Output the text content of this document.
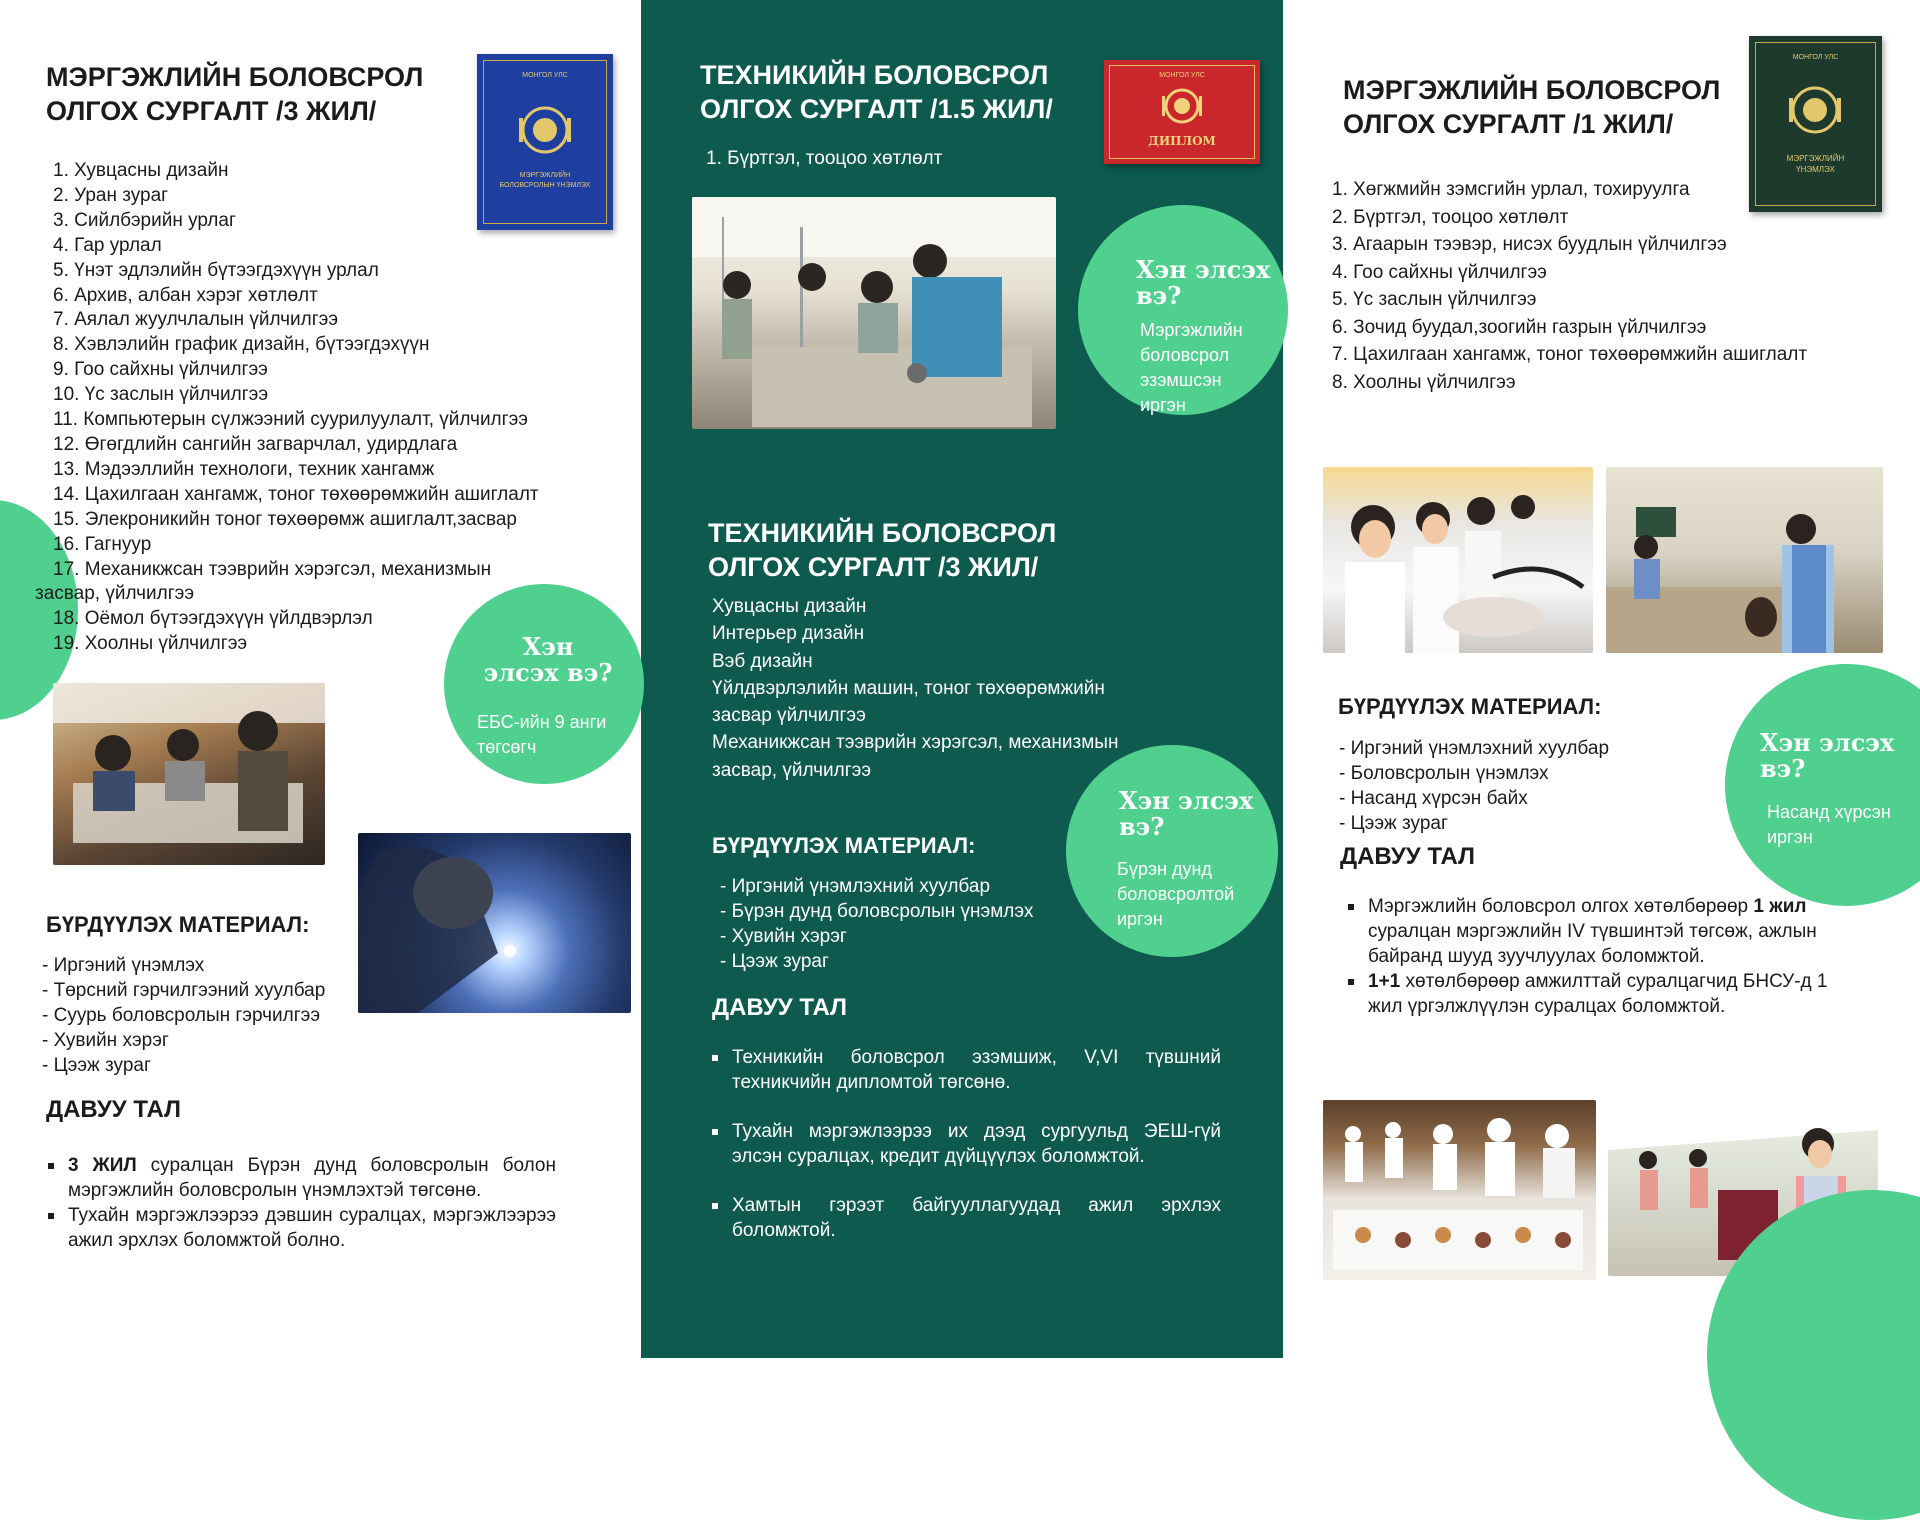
МЭРГЭЖЛИЙН БОЛОВСРОЛ
ОЛГОХ СУРГАЛТ /3 ЖИЛ/
МОНГОЛ УЛС
МЭРГЭЖЛИЙН
БОЛОВСРОЛЫН ҮНЭМЛЭХ
1. Хувцасны дизайн
2. Уран зураг
3. Сийлбэрийн урлаг
4. Гар урлал
5. Үнэт эдлэлийн бүтээгдэхүүн урлал
6. Архив, албан хэрэг хөтлөлт
7. Аялал жуулчлалын үйлчилгээ
8. Хэвлэлийн график дизайн, бүтээгдэхүүн
9. Гоо сайхны үйлчилгээ
10. Үс заслын үйлчилгээ
11. Компьютерын сүлжээний суурилуулалт, үйлчилгээ
12. Өгөгдлийн сангийн загварчлал, удирдлага
13. Мэдээллийн технологи, техник хангамж
14. Цахилгаан хангамж, тоног төхөөрөмжийн ашиглалт
15. Элекроникийн тоног төхөөрөмж ашиглалт,засвар
16. Гагнуур
17. Механикжсан тээврийн хэрэгсэл, механизмын
засвар, үйлчилгээ
18. Оёмол бүтээгдэхүүн үйлдвэрлэл
19. Хоолны үйлчилгээ	Хэн
элсэх вэ?
ЕБС-ийн 9 анги
төгсөгч
БҮРДҮҮЛЭХ МАТЕРИАЛ:
- Иргэний үнэмлэх
- Төрсний гэрчилгээний хуулбар
- Суурь боловсролын гэрчилгээ
- Хувийн хэрэг
- Цээж зураг
ДАВУУ ТАЛ
3 ЖИЛ суралцан Бүрэн дунд боловсролын болон мэргэжлийн боловсролын үнэмлэхтэй төгсөнө.
Тухайн мэргэжлээрээ дэвшин суралцах, мэргэжлээрээ ажил эрхлэх боломжтой болно.
ТЕХНИКИЙН БОЛОВСРОЛ
ОЛГОХ СУРГАЛТ /1.5 ЖИЛ/
МОНГОЛ УЛС
ДИПЛОМ
1. Бүртгэл, тооцоо хөтлөлт
Хэн элсэх
вэ?
Мэргэжлийн
боловсрол
эзэмшсэн
иргэн
ТЕХНИКИЙН БОЛОВСРОЛ
ОЛГОХ СУРГАЛТ /3 ЖИЛ/
Хувцасны дизайн
Интерьер дизайн
Вэб дизайн
Үйлдвэрлэлийн машин, тоног төхөөрөмжийн
засвар үйлчилгээ
Механикжсан тээврийн хэрэгсэл, механизмын
засвар, үйлчилгээ
Хэн элсэх
вэ?
Бүрэн дунд
боловсролтой
иргэн
БҮРДҮҮЛЭХ МАТЕРИАЛ:
- Иргэний үнэмлэхний хуулбар
- Бүрэн дунд боловсролын үнэмлэх
- Хувийн хэрэг
- Цээж зураг
ДАВУУ ТАЛ
Техникийн боловсрол эзэмшиж, V,VI түвшний техникчийн дипломтой төгсөнө.
Тухайн мэргэжлээрээ их дээд сургуульд ЭЕШ-гүй элсэн суралцах, кредит дүйцүүлэх боломжтой.
Хамтын гэрээт байгууллагуудад ажил эрхлэх боломжтой.
МЭРГЭЖЛИЙН БОЛОВСРОЛ
ОЛГОХ СУРГАЛТ /1 ЖИЛ/
МОНГОЛ УЛС
МЭРГЭЖЛИЙН
ҮНЭМЛЭХ
1. Хөгжмийн зэмсгийн урлал, тохируулга
2. Бүртгэл, тооцоо хөтлөлт
3. Агаарын тээвэр, нисэх буудлын үйлчилгээ
4. Гоо сайхны үйлчилгээ
5. Үс заслын үйлчилгээ
6. Зочид буудал,зоогийн газрын үйлчилгээ
7. Цахилгаан хангамж, тоног төхөөрөмжийн ашиглалт
8. Хоолны үйлчилгээ
БҮРДҮҮЛЭХ МАТЕРИАЛ:
- Иргэний үнэмлэхний хуулбар
- Боловсролын үнэмлэх
- Насанд хүрсэн байх
- Цээж зураг
Хэн элсэх
вэ?
Насанд хүрсэн
иргэн
ДАВУУ ТАЛ
Мэргэжлийн боловсрол олгох хөтөлбөрөөр 1 жил суралцан мэргэжлийн IV түвшинтэй төгсөж, ажлын байранд шууд зуучлуулах боломжтой.
1+1 хөтөлбөрөөр амжилттай суралцагчид БНСУ-д 1 жил үргэлжлүүлэн суралцах боломжтой.
